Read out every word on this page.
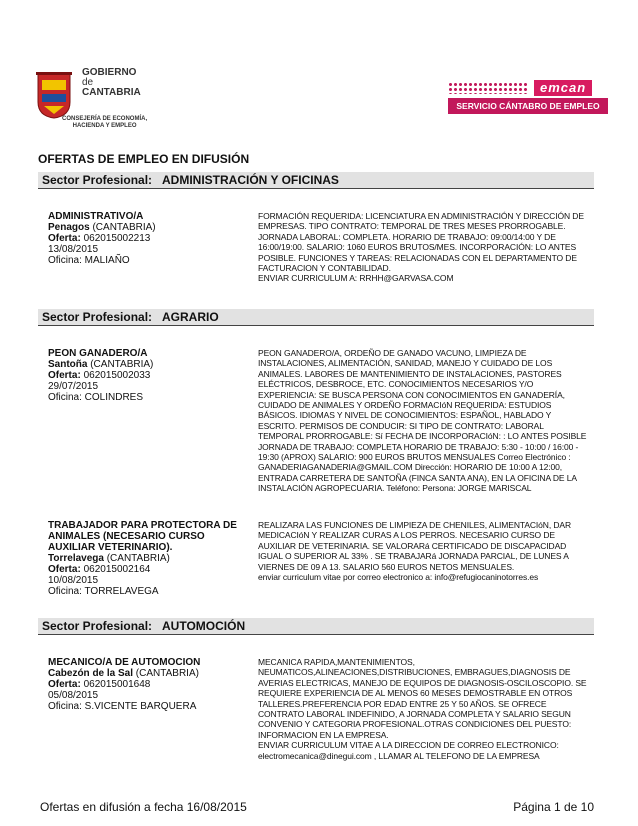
GOBIERNO
de
CANTABRIA
CONSEJERÍA DE ECONOMÍA,
HACIENDA Y EMPLEO
emcan
SERVICIO CÁNTABRO DE EMPLEO
OFERTAS DE EMPLEO EN DIFUSIÓN
Sector Profesional: ADMINISTRACIÓN Y OFICINAS
ADMINISTRATIVO/A
Penagos (CANTABRIA)
Oferta: 062015002213
13/08/2015
Oficina: MALIAÑO
FORMACIÓN REQUERIDA: LICENCIATURA EN ADMINISTRACIÓN Y DIRECCIÓN DE EMPRESAS. TIPO CONTRATO: TEMPORAL DE TRES MESES PRORROGABLE. JORNADA LABORAL: COMPLETA. HORARIO DE TRABAJO: 09:00/14:00 Y DE 16:00/19:00. SALARIO: 1060 EUROS BRUTOS/MES. INCORPORACIÓN: LO ANTES POSIBLE. FUNCIONES Y TAREAS: RELACIONADAS CON EL DEPARTAMENTO DE FACTURACION Y CONTABILIDAD.
ENVIAR CURRICULUM A: RRHH@GARVASA.COM
Sector Profesional: AGRARIO
PEON GANADERO/A
Santoña (CANTABRIA)
Oferta: 062015002033
29/07/2015
Oficina: COLINDRES
PEON GANADERO/A, ORDEÑO DE GANADO VACUNO, LIMPIEZA DE INSTALACIONES, ALIMENTACIÓN, SANIDAD, MANEJO Y CUIDADO DE LOS ANIMALES. LABORES DE MANTENIMIENTO DE INSTALACIONES, PASTORES ELÉCTRICOS, DESBROCE, ETC. CONOCIMIENTOS NECESARIOS Y/O EXPERIENCIA: SE BUSCA PERSONA CON CONOCIMIENTOS EN GANADERÍA, CUIDADO DE ANIMALES Y ORDEÑO FORMACIóN REQUERIDA: ESTUDIOS BÁSICOS. IDIOMAS Y NIVEL DE CONOCIMIENTOS: ESPAÑOL, HABLADO Y ESCRITO. PERMISOS DE CONDUCIR: SI TIPO DE CONTRATO: LABORAL TEMPORAL PRORROGABLE: Sí FECHA DE INCORPORACIóN: : LO ANTES POSIBLE JORNADA DE TRABAJO: COMPLETA HORARIO DE TRABAJO: 5:30 - 10:00 / 16:00 - 19:30 (APROX) SALARIO: 900 EUROS BRUTOS MENSUALES Correo Electrónico : GANADERIAGANADERIA@GMAIL.COM Dirección: HORARIO DE 10:00 A 12:00, ENTRADA CARRETERA DE SANTOÑA (FINCA SANTA ANA), EN LA OFICINA DE LA INSTALACIÓN AGROPECUARIA. Teléfono: Persona: JORGE MARISCAL
TRABAJADOR PARA PROTECTORA DE ANIMALES (NECESARIO CURSO AUXILIAR VETERINARIO).
Torrelavega (CANTABRIA)
Oferta: 062015002164
10/08/2015
Oficina: TORRELAVEGA
REALIZARA LAS FUNCIONES DE LIMPIEZA DE CHENILES, ALIMENTACIóN, DAR MEDICACIóN Y REALIZAR CURAS A LOS PERROS. NECESARIO CURSO DE AUXILIAR DE VETERINARIA. SE VALORARá CERTIFICADO DE DISCAPACIDAD IGUAL O SUPERIOR AL 33% . SE TRABAJARá JORNADA PARCIAL, DE LUNES A VIERNES DE 09 A 13. SALARIO 560 EUROS NETOS MENSUALES.
enviar curriculum vitae por correo electronico a: info@refugiocaninotorres.es
Sector Profesional: AUTOMOCIÓN
MECANICO/A DE AUTOMOCION
Cabezón de la Sal (CANTABRIA)
Oferta: 062015001648
05/08/2015
Oficina: S.VICENTE BARQUERA
MECANICA RAPIDA,MANTENIMIENTOS, NEUMATICOS,ALINEACIONES,DISTRIBUCIONES, EMBRAGUES,DIAGNOSIS DE AVERIAS ELECTRICAS, MANEJO DE EQUIPOS DE DIAGNOSIS-OSCILOSCOPIO. SE REQUIERE EXPERIENCIA DE AL MENOS 60 MESES DEMOSTRABLE EN OTROS TALLERES.PREFERENCIA POR EDAD ENTRE 25 Y 50 AÑOS. SE OFRECE CONTRATO LABORAL INDEFINIDO, A JORNADA COMPLETA Y SALARIO SEGUN CONVENIO Y CATEGORIA PROFESIONAL.OTRAS CONDICIONES DEL PUESTO: INFORMACION EN LA EMPRESA.
ENVIAR CURRICULUM VITAE A LA DIRECCION DE CORREO ELECTRONICO: electromecanica@dinegui.com , LLAMAR AL TELEFONO DE LA EMPRESA
Ofertas en difusión a fecha 16/08/2015	Página 1 de 10
